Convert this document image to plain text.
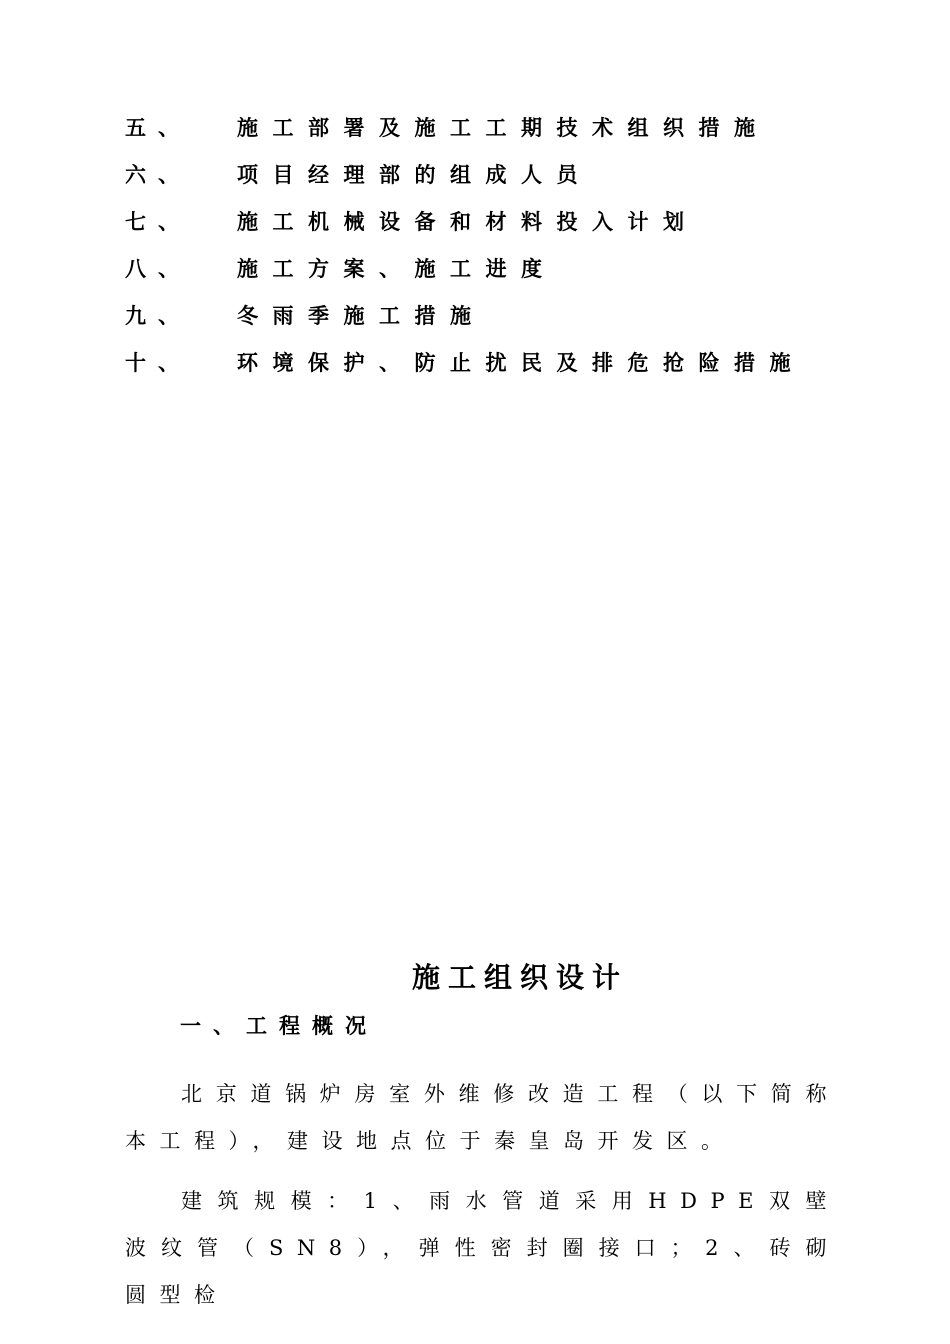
五、 施工部署及施工工期技术组织措施
六、 项目经理部的组成人员
七、 施工机械设备和材料投入计划
八、 施工方案、施工进度
九、 冬雨季施工措施
十、 环境保护、防止扰民及排危抢险措施
施工组织设计
一、工程概况

北京道锅炉房室外维修改造工程（以下简称本工程），建设地点位于秦皇岛开发区。

建筑规模：1、雨水管道采用HDPE双壁波纹管（SN8），弹性密封圈接口；2、砖砌圆型检
